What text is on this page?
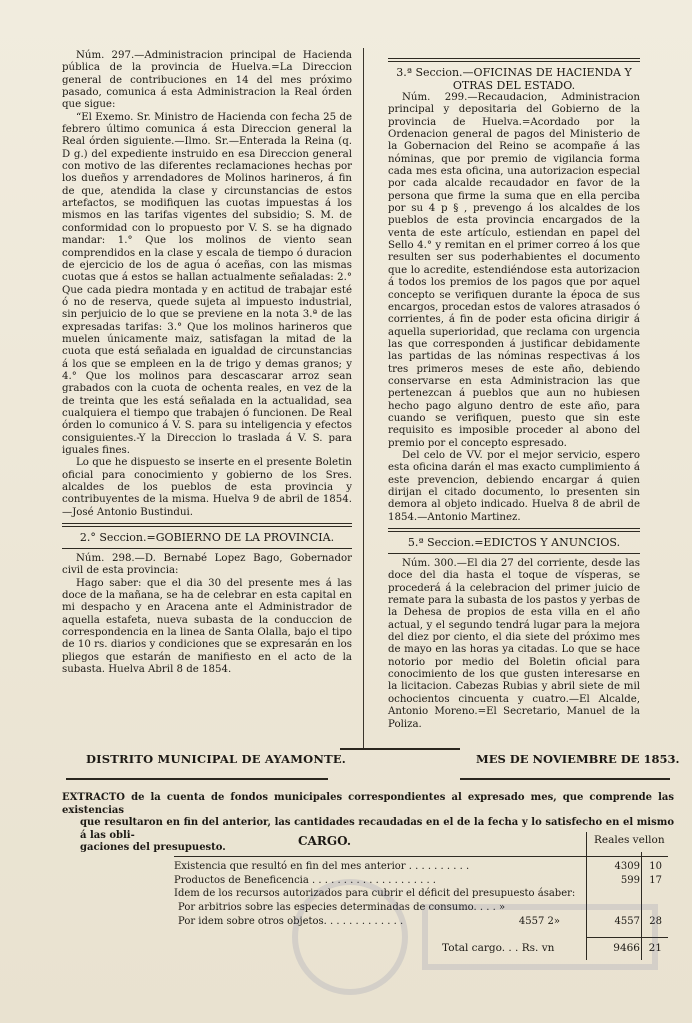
Núm. 297.—Administracion principal de Hacienda pública de la provincia de Huelva.=La Direccion general de contribuciones en 14 del mes próximo pasado, comunica á esta Administracion la Real órden que sigue:

“El Exemo. Sr. Ministro de Hacienda con fecha 25 de febrero último comunica á esta Direccion general la Real órden siguiente.—Ilmo. Sr.—Enterada la Reina (q. D g.) del expediente instruido en esa Direccion general con motivo de las diferentes reclamaciones hechas por los dueños y arrendadores de Molinos harineros, á fin de que, atendida la clase y circunstancias de estos artefactos, se modifiquen las cuotas impuestas á los mismos en las tarifas vigentes del subsidio; S. M. de conformidad con lo propuesto por V. S. se ha dignado mandar: 1.° Que los molinos de viento sean comprendidos en la clase y escala de tiempo ó duracion de ejercicio de los de agua ó aceñas, con las mismas cuotas que á estos se hallan actualmente señaladas: 2.° Que cada piedra montada y en actitud de trabajar esté ó no de reserva, quede sujeta al impuesto industrial, sin perjuicio de lo que se previene en la nota 3.ª de las expresadas tarifas: 3.° Que los molinos harineros que muelen únicamente maiz, satisfagan la mitad de la cuota que está señalada en igualdad de circunstancias á los que se empleen en la de trigo y demas granos; y 4.° Que los molinos para descascarar arroz sean grabados con la cuota de ochenta reales, en vez de la de treinta que les está señalada en la actualidad, sea cualquiera el tiempo que trabajen ó funcionen. De Real órden lo comunico á V. S. para su inteligencia y efectos consiguientes.-Y la Direccion lo traslada á V. S. para iguales fines.

Lo que he dispuesto se inserte en el presente Boletin oficial para conocimiento y gobierno de los Sres. alcaldes de los pueblos de esta provincia y contribuyentes de la misma. Huelva 9 de abril de 1854.—José Antonio Bustindui.

2.° Seccion.=GOBIERNO DE LA PROVINCIA.

Núm. 298.—D. Bernabé Lopez Bago, Gobernador civil de esta provincia:

Hago saber: que el dia 30 del presente mes á las doce de la mañana, se ha de celebrar en esta capital en mi despacho y en Aracena ante el Administrador de aquella estafeta, nueva subasta de la conduccion de correspondencia en la linea de Santa Olalla, bajo el tipo de 10 rs. diarios y condiciones que se expresarán en los pliegos que estarán de manifiesto en el acto de la subasta. Huelva Abril 8 de 1854.

3.ª Seccion.—OFICINAS DE HACIENDA Y OTRAS DEL ESTADO.

Núm. 299.—Recaudacion, Administracion principal y depositaria del Gobierno de la provincia de Huelva.=Acordado por la Ordenacion general de pagos del Ministerio de la Gobernacion del Reino se acompañe á las nóminas, que por premio de vigilancia forma cada mes esta oficina, una autorizacion especial por cada alcalde recaudador en favor de la persona que firme la suma que en ella perciba por su 4 p § , prevengo á los alcaldes de los pueblos de esta provincia encargados de la venta de este artículo, estiendan en papel del Sello 4.° y remitan en el primer correo á los que resulten ser sus poderhabientes el documento que lo acredite, estendiéndose esta autorizacion á todos los premios de los pagos que por aquel concepto se verifiquen durante la época de sus encargos, procedan estos de valores atrasados ó corrientes, á fin de poder esta oficina dirigir á aquella superioridad, que reclama con urgencia las que corresponden á justificar debidamente las partidas de las nóminas respectivas á los tres primeros meses de este año, debiendo conservarse en esta Administracion las que pertenezcan á pueblos que aun no hubiesen hecho pago alguno dentro de este año, para cuando se verifiquen, puesto que sin este requisito es imposible proceder al abono del premio por el concepto espresado.

Del celo de VV. por el mejor servicio, espero esta oficina darán el mas exacto cumplimiento á este prevencion, debiendo encargar á quien dirijan el citado documento, lo presenten sin demora al objeto indicado. Huelva 8 de abril de 1854.—Antonio Martinez.

5.ª Seccion.=EDICTOS Y ANUNCIOS.

Núm. 300.—El dia 27 del corriente, desde las doce del dia hasta el toque de vísperas, se procederá á la celebracion del primer juicio de remate para la subasta de los pastos y yerbas de la Dehesa de propios de esta villa en el año actual, y el segundo tendrá lugar para la mejora del diez por ciento, el dia siete del próximo mes de mayo en las horas ya citadas. Lo que se hace notorio por medio del Boletin oficial para conocimiento de los que gusten interesarse en la licitacion. Cabezas Rubias y abril siete de mil ochocientos cincuenta y cuatro.—El Alcalde, Antonio Moreno.=El Secretario, Manuel de la Poliza.

DISTRITO MUNICIPAL DE AYAMONTE.	MES DE NOVIEMBRE DE 1853.
EXTRACTO de la cuenta de fondos municipales correspondientes al expresado mes, que comprende las existencias
que resultaron en fin del anterior, las cantidades recaudadas en el de la fecha y lo satisfecho en el mismo á las obli-
gaciones del presupuesto.	CARGO.	Reales vellon
Existencia que resultó en fin del mes anterior . . . . . . . . . .	4309 10
Productos de Beneficencia . . . . . . . . . . . . . . . . . . . .	599 17
Idem de los recursos autorizados para cubrir el déficit del presupuesto ásaber:
Por arbitrios sobre las especies determinadas de consumo. . . . »
Por idem sobre otros objetos. . . . . . . . . . . . .	4557 2»	4557 28
Total cargo. . . Rs. vn	9466 21
